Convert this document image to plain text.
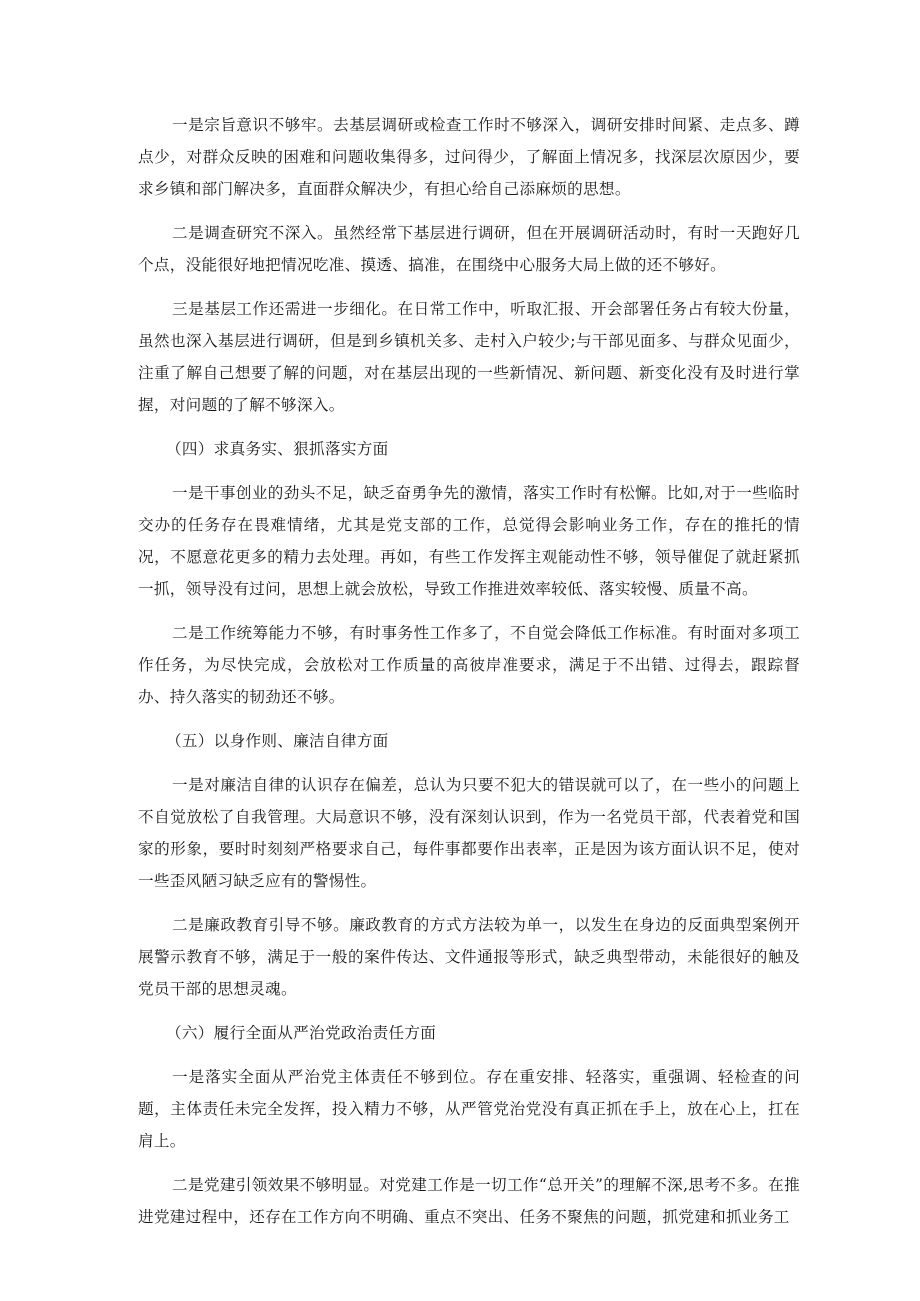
一是宗旨意识不够牢。去基层调研或检查工作时不够深入，调研安排时间紧、走点多、蹲点少，对群众反映的困难和问题收集得多，过问得少，了解面上情况多，找深层次原因少，要求乡镇和部门解决多，直面群众解决少，有担心给自己添麻烦的思想。

二是调查研究不深入。虽然经常下基层进行调研，但在开展调研活动时，有时一天跑好几个点，没能很好地把情况吃准、摸透、搞准，在围绕中心服务大局上做的还不够好。

三是基层工作还需进一步细化。在日常工作中，听取汇报、开会部署任务占有较大份量，虽然也深入基层进行调研，但是到乡镇机关多、走村入户较少;与干部见面多、与群众见面少，注重了解自己想要了解的问题，对在基层出现的一些新情况、新问题、新变化没有及时进行掌握，对问题的了解不够深入。

（四）求真务实、狠抓落实方面

一是干事创业的劲头不足，缺乏奋勇争先的激情，落实工作时有松懈。比如,对于一些临时交办的任务存在畏难情绪，尤其是党支部的工作，总觉得会影响业务工作，存在的推托的情况，不愿意花更多的精力去处理。再如，有些工作发挥主观能动性不够，领导催促了就赶紧抓一抓，领导没有过问，思想上就会放松，导致工作推进效率较低、落实较慢、质量不高。

二是工作统筹能力不够，有时事务性工作多了，不自觉会降低工作标准。有时面对多项工作任务，为尽快完成，会放松对工作质量的高彼岸准要求，满足于不出错、过得去，跟踪督办、持久落实的韧劲还不够。

（五）以身作则、廉洁自律方面

一是对廉洁自律的认识存在偏差，总认为只要不犯大的错误就可以了，在一些小的问题上不自觉放松了自我管理。大局意识不够，没有深刻认识到，作为一名党员干部，代表着党和国家的形象，要时时刻刻严格要求自己，每件事都要作出表率，正是因为该方面认识不足，使对一些歪风陋习缺乏应有的警惕性。

二是廉政教育引导不够。廉政教育的方式方法较为单一，以发生在身边的反面典型案例开展警示教育不够，满足于一般的案件传达、文件通报等形式，缺乏典型带动，未能很好的触及党员干部的思想灵魂。

（六）履行全面从严治党政治责任方面

一是落实全面从严治党主体责任不够到位。存在重安排、轻落实，重强调、轻检查的问题，主体责任未完全发挥，投入精力不够，从严管党治党没有真正抓在手上，放在心上，扛在肩上。

二是党建引领效果不够明显。对党建工作是一切工作“总开关”的理解不深,思考不多。在推进党建过程中，还存在工作方向不明确、重点不突出、任务不聚焦的问题，抓党建和抓业务工
